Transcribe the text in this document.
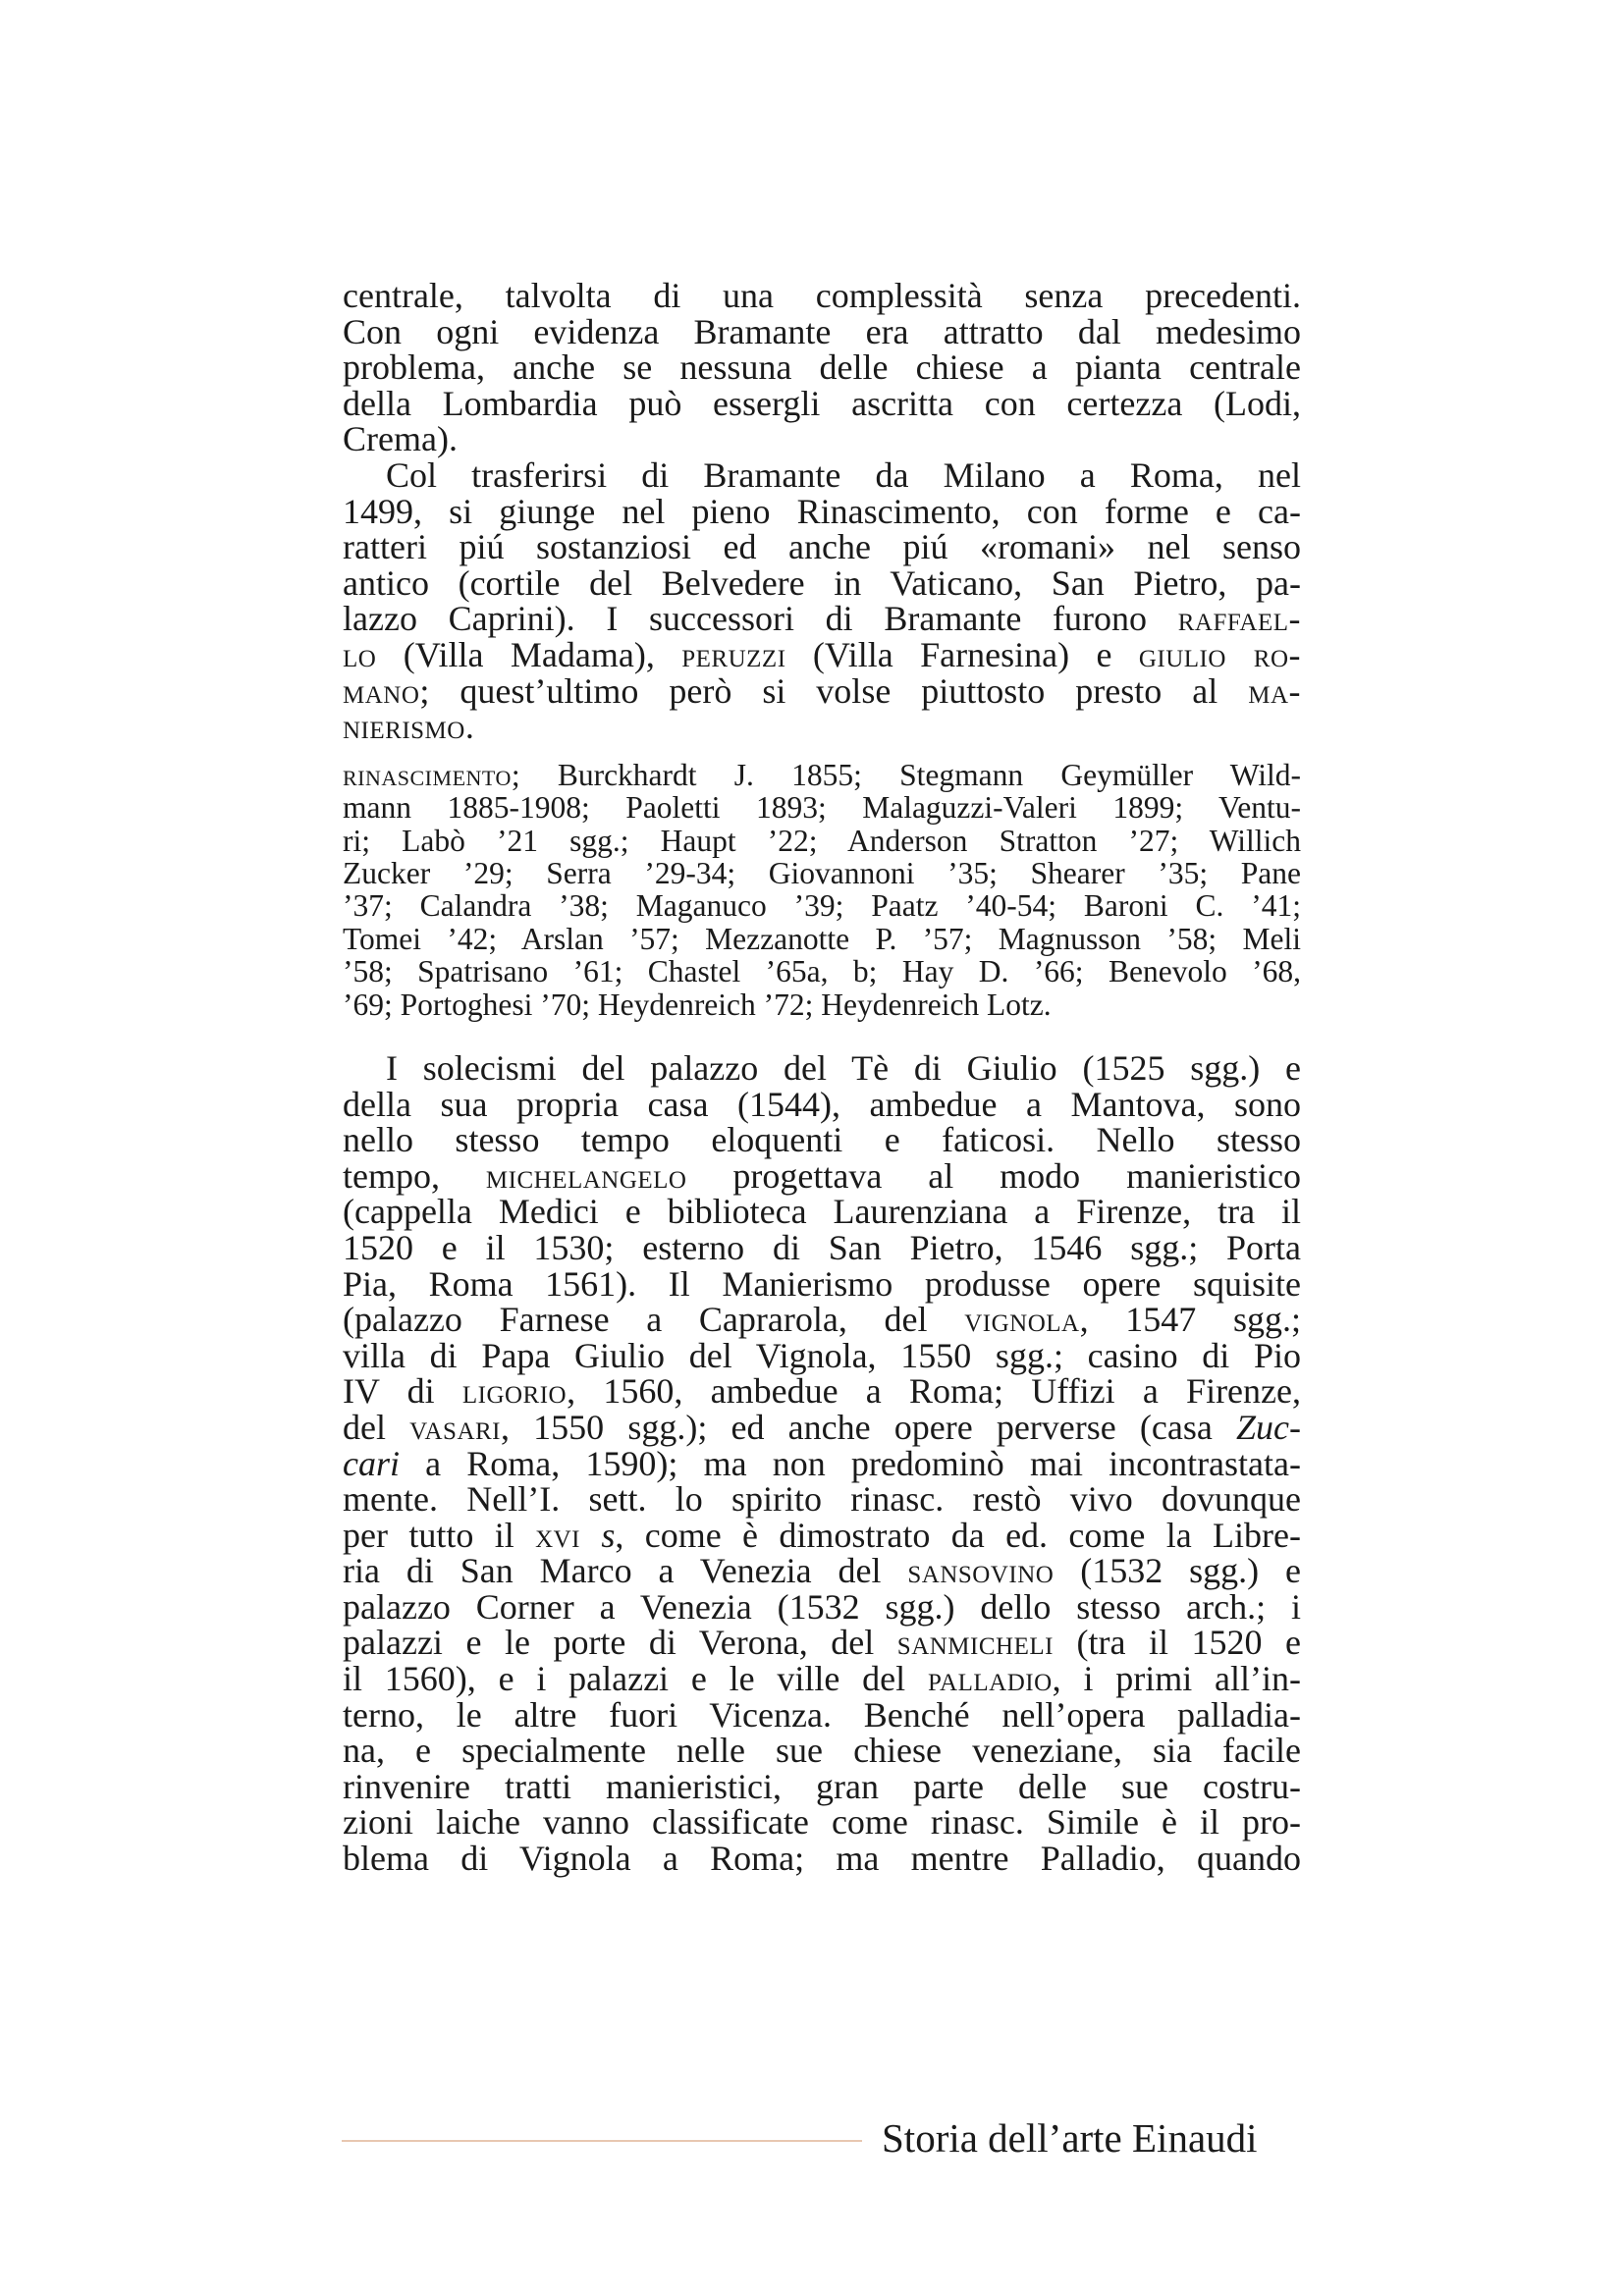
centrale, talvolta di una complessità senza precedenti.
Con ogni evidenza Bramante era attratto dal medesimo
problema, anche se nessuna delle chiese a pianta centrale
della Lombardia può essergli ascritta con certezza (Lodi,
Crema).
Col trasferirsi di Bramante da Milano a Roma, nel
1499, si giunge nel pieno Rinascimento, con forme e ca-
ratteri piú sostanziosi ed anche piú «romani» nel senso
antico (cortile del Belvedere in Vaticano, San Pietro, pa-
lazzo Caprini). I successori di Bramante furono raffael-
lo (Villa Madama), peruzzi (Villa Farnesina) e giulio ro-
mano; quest’ultimo però si volse piuttosto presto al ma-
nierismo.
rinascimento; Burckhardt J. 1855; Stegmann Geymüller Wild-
mann 1885-1908; Paoletti 1893; Malaguzzi-Valeri 1899; Ventu-
ri; Labò ’21 sgg.; Haupt ’22; Anderson Stratton ’27; Willich
Zucker ’29; Serra ’29-34; Giovannoni ’35; Shearer ’35; Pane
’37; Calandra ’38; Maganuco ’39; Paatz ’40-54; Baroni C. ’41;
Tomei ’42; Arslan ’57; Mezzanotte P. ’57; Magnusson ’58; Meli
’58; Spatrisano ’61; Chastel ’65a, b; Hay D. ’66; Benevolo ’68,
’69; Portoghesi ’70; Heydenreich ’72; Heydenreich Lotz.
I solecismi del palazzo del Tè di Giulio (1525 sgg.) e
della sua propria casa (1544), ambedue a Mantova, sono
nello stesso tempo eloquenti e faticosi. Nello stesso
tempo, michelangelo progettava al modo manieristico
(cappella Medici e biblioteca Laurenziana a Firenze, tra il
1520 e il 1530; esterno di San Pietro, 1546 sgg.; Porta
Pia, Roma 1561). Il Manierismo produsse opere squisite
(palazzo Farnese a Caprarola, del vignola, 1547 sgg.;
villa di Papa Giulio del Vignola, 1550 sgg.; casino di Pio
IV di ligorio, 1560, ambedue a Roma; Uffizi a Firenze,
del vasari, 1550 sgg.); ed anche opere perverse (casa Zuc-
cari a Roma, 1590); ma non predominò mai incontrastata-
mente. Nell’I. sett. lo spirito rinasc. restò vivo dovunque
per tutto il xvi s, come è dimostrato da ed. come la Libre-
ria di San Marco a Venezia del sansovino (1532 sgg.) e
palazzo Corner a Venezia (1532 sgg.) dello stesso arch.; i
palazzi e le porte di Verona, del sanmicheli (tra il 1520 e
il 1560), e i palazzi e le ville del palladio, i primi all’in-
terno, le altre fuori Vicenza. Benché nell’opera palladia-
na, e specialmente nelle sue chiese veneziane, sia facile
rinvenire tratti manieristici, gran parte delle sue costru-
zioni laiche vanno classificate come rinasc. Simile è il pro-
blema di Vignola a Roma; ma mentre Palladio, quando
Storia dell’arte Einaudi
